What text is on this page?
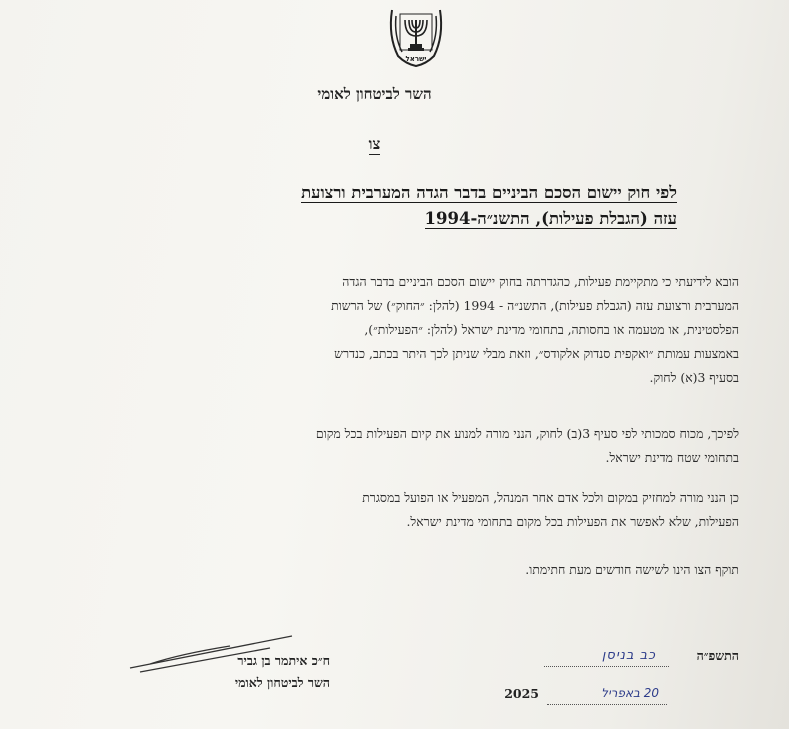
ישראל
השר לביטחון לאומי
צו
לפי חוק יישום הסכם הביניים בדבר הגדה המערבית ורצועת
עזה (הגבלת פעילות), התשנ״ה-1994
הובא לידיעתי כי מתקיימת פעילות, כהגדרתה בחוק יישום הסכם הביניים בדבר הגדה
המערבית ורצועת עזה (הגבלת פעילות), התשנ״ה - 1994 (להלן: ״החוק״) של הרשות
הפלסטינית, או מטעמה או בחסותה, בתחומי מדינת ישראל (להלן: ״הפעילות״),
באמצעות עמותת ״ואקפית סנדוק אלקודס״, וזאת מבלי שניתן לכך היתר בכתב, כנדרש
בסעיף 3(א) לחוק.
לפיכך, מכוח סמכותי לפי סעיף 3(ב) לחוק, הנני מורה למנוע את קיום הפעילות בכל מקום
בתחומי שטח מדינת ישראל.
כן הנני מורה למחזיק במקום ולכל אדם אחר המנהל, המפעיל או הפועל במסגרת
הפעילות, שלא לאפשר את הפעילות בכל מקום בתחומי מדינת ישראל.
תוקף הצו הינו לשישה חודשים מעת חתימתו.
ח״כ איתמר בן גביר
השר לביטחון לאומי
התשפ״ה
כב בניסן
20 באפריל
2025
